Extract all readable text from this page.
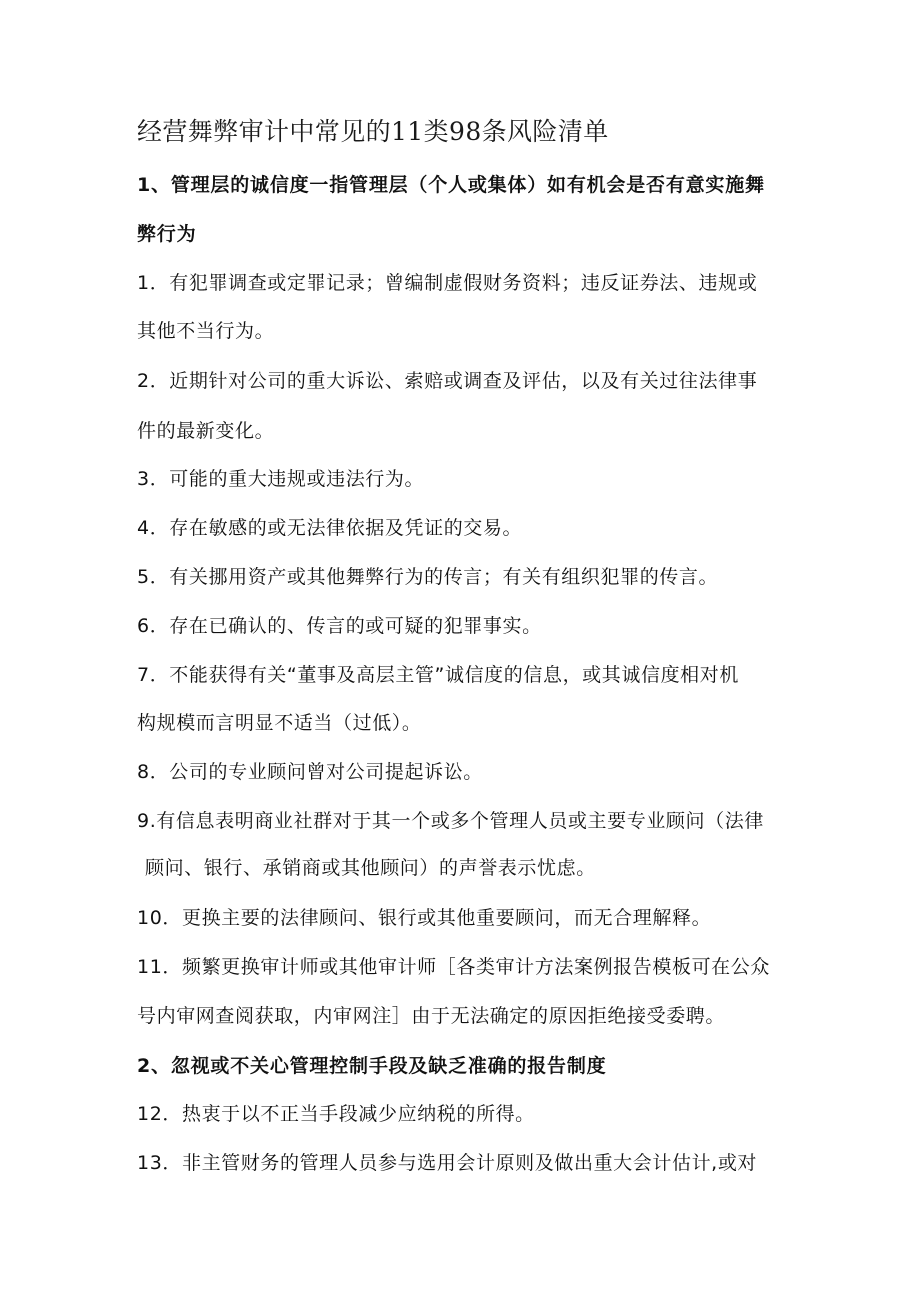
经营舞弊审计中常见的11类98条风险清单
1、管理层的诚信度一指管理层（个人或集体）如有机会是否有意实施舞
弊行为
1．有犯罪调查或定罪记录；曾编制虚假财务资料；违反证券法、违规或
其他不当行为。
2．近期针对公司的重大诉讼、索赔或调查及评估，以及有关过往法律事
件的最新变化。
3．可能的重大违规或违法行为。
4．存在敏感的或无法律依据及凭证的交易。
5．有关挪用资产或其他舞弊行为的传言；有关有组织犯罪的传言。
6．存在已确认的、传言的或可疑的犯罪事实。
7．不能获得有关“董事及高层主管”诚信度的信息，或其诚信度相对机
构规模而言明显不适当（过低）。
8．公司的专业顾问曾对公司提起诉讼。
9.有信息表明商业社群对于其一个或多个管理人员或主要专业顾问（法律
顾问、银行、承销商或其他顾问）的声誉表示忧虑。
10．更换主要的法律顾问、银行或其他重要顾问，而无合理解释。
11．频繁更换审计师或其他审计师［各类审计方法案例报告模板可在公众
号内审网查阅获取，内审网注］由于无法确定的原因拒绝接受委聘。
2、忽视或不关心管理控制手段及缺乏准确的报告制度
12．热衷于以不正当手段减少应纳税的所得。
13．非主管财务的管理人员参与选用会计原则及做出重大会计估计,或对
